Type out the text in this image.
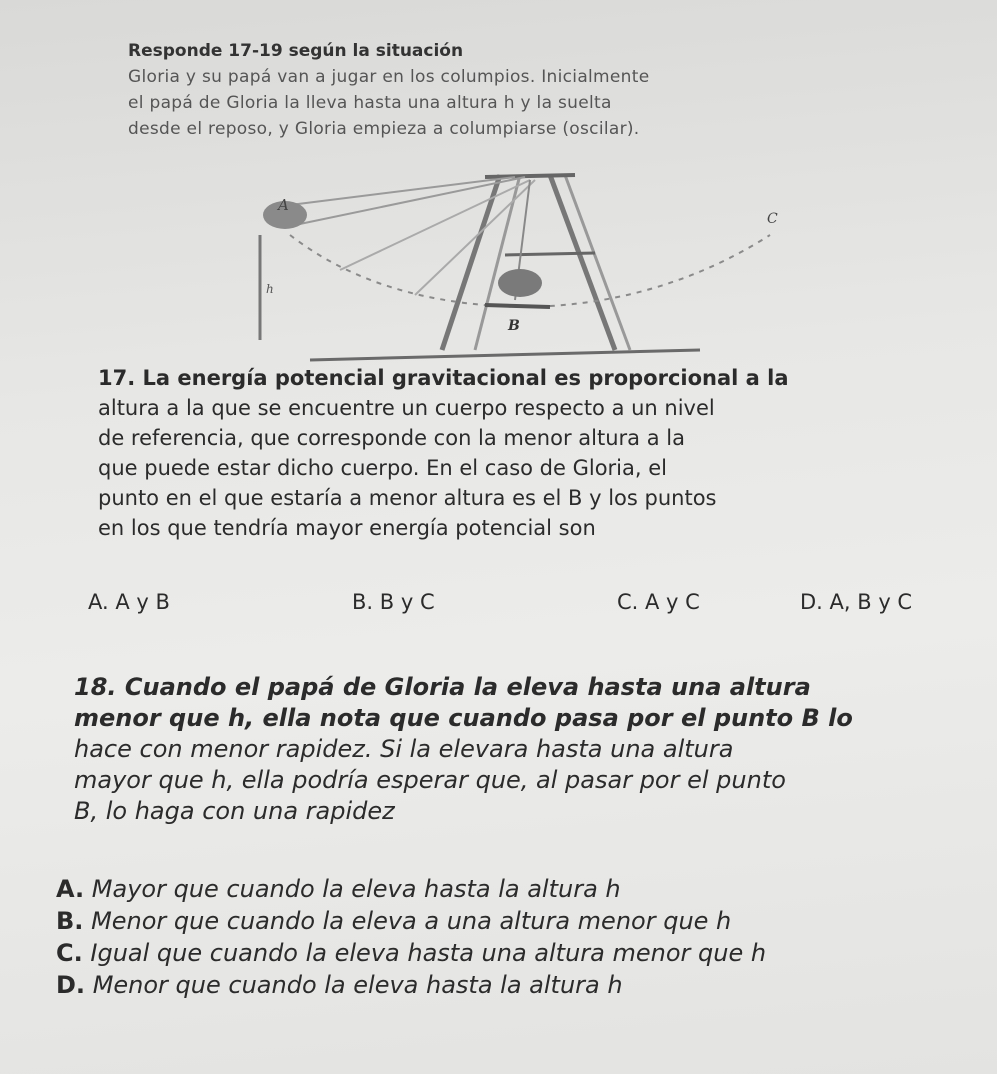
Responde 17-19 según la situación
Gloria y su papá van a jugar en los columpios. Inicialmente
el papá de Gloria la lleva hasta una altura h y la suelta
desde el reposo, y Gloria empieza a columpiarse (oscilar).
A
B
C
h
17. La energía potencial gravitacional es proporcional a la
altura a la que se encuentre un cuerpo respecto a un nivel
de referencia, que corresponde con la menor altura a la
que puede estar dicho cuerpo. En el caso de Gloria, el
punto en el que estaría a menor altura es el B y los puntos
en los que tendría mayor energía potencial son
A. A y B	B. B y C	C. A y C	D. A, B y C
18. Cuando el papá de Gloria la eleva hasta una altura
menor que h, ella nota que cuando pasa por el punto B lo
hace con menor rapidez. Si la elevara hasta una altura
mayor que h, ella podría esperar que, al pasar por el punto
B, lo haga con una rapidez
A. Mayor que cuando la eleva hasta la altura h
B. Menor que cuando la eleva a una altura menor que h
C. Igual que cuando la eleva hasta una altura menor que h
D. Menor que cuando la eleva hasta la altura h
